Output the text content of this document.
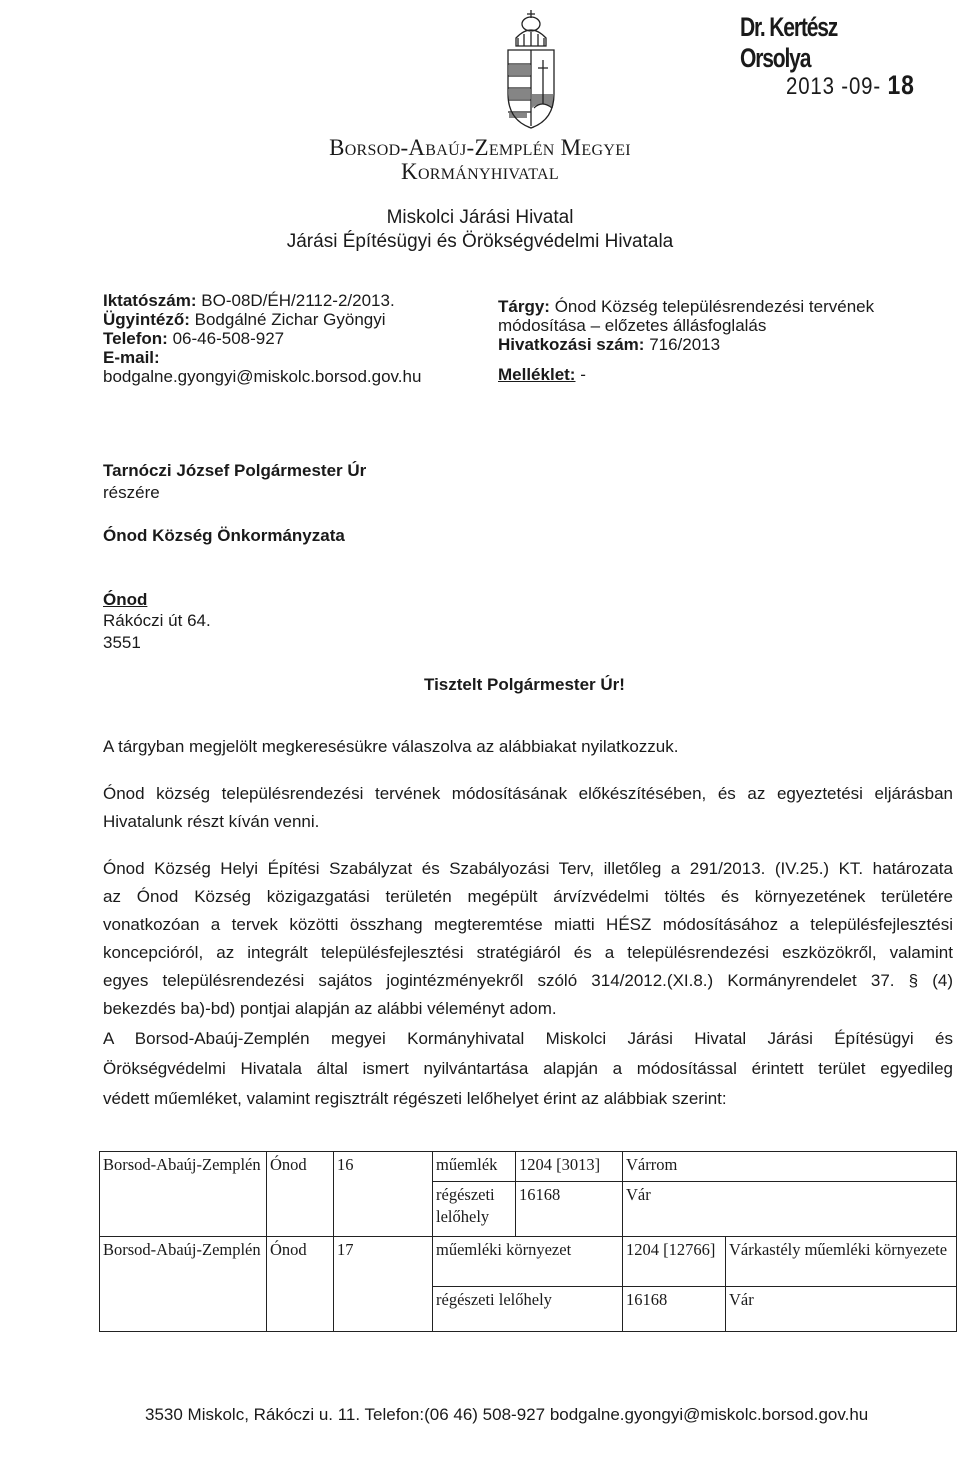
Dr. Kertész Orsolya
2013 -09- 18
Borsod-Abaúj-Zemplén Megyei
Kormányhivatal
Miskolci Járási Hivatal
Járási Építésügyi és Örökségvédelmi Hivatala
Iktatószám: BO-08D/ÉH/2112-2/2013.
Ügyintéző: Bodgálné Zichar Gyöngyi
Telefon: 06-46-508-927
E-mail:
bodgalne.gyongyi@miskolc.borsod.gov.hu
Tárgy: Ónod Község településrendezési tervének
módosítása – előzetes állásfoglalás
Hivatkozási szám: 716/2013
Melléklet: -
Tarnóczi József Polgármester Úr
részére
Ónod Község Önkormányzata
Ónod
Rákóczi út 64.
3551
Tisztelt Polgármester Úr!
A tárgyban megjelölt megkeresésükre válaszolva az alábbiakat nyilatkozzuk.
Ónod község településrendezési tervének módosításának előkészítésében, és az egyeztetési eljárásban
Hivatalunk részt kíván venni.
Ónod Község Helyi Építési Szabályzat és Szabályozási Terv, illetőleg a 291/2013. (IV.25.) KT. határozata
az Ónod Község közigazgatási területén megépült árvízvédelmi töltés és környezetének területére
vonatkozóan a tervek közötti összhang megteremtése miatti HÉSZ módosításához a településfejlesztési
koncepcióról, az integrált településfejlesztési stratégiáról és a településrendezési eszközökről, valamint
egyes településrendezési sajátos jogintézményekről szóló 314/2012.(XI.8.) Kormányrendelet 37. § (4)
bekezdés ba)-bd) pontjai alapján az alábbi véleményt adom.
A Borsod-Abaúj-Zemplén megyei Kormányhivatal Miskolci Járási Hivatal Járási Építésügyi és
Örökségvédelmi Hivatala által ismert nyilvántartása alapján a módosítással érintett terület egyedileg
védett műemléket, valamint regisztrált régészeti lelőhelyet érint az alábbiak szerint:
Borsod-Abaúj-Zemplén	Ónod	16	műemlék	1204 [3013]	Várrom	
			régészeti lelőhely	16168	Vár	
Borsod-Abaúj-Zemplén	Ónod	17	műemléki környezet		1204 [12766]	Várkastély műemléki környezete
			régészeti lelőhely		16168	Vár
3530 Miskolc, Rákóczi u. 11. Telefon:(06 46) 508-927 bodgalne.gyongyi@miskolc.borsod.gov.hu
